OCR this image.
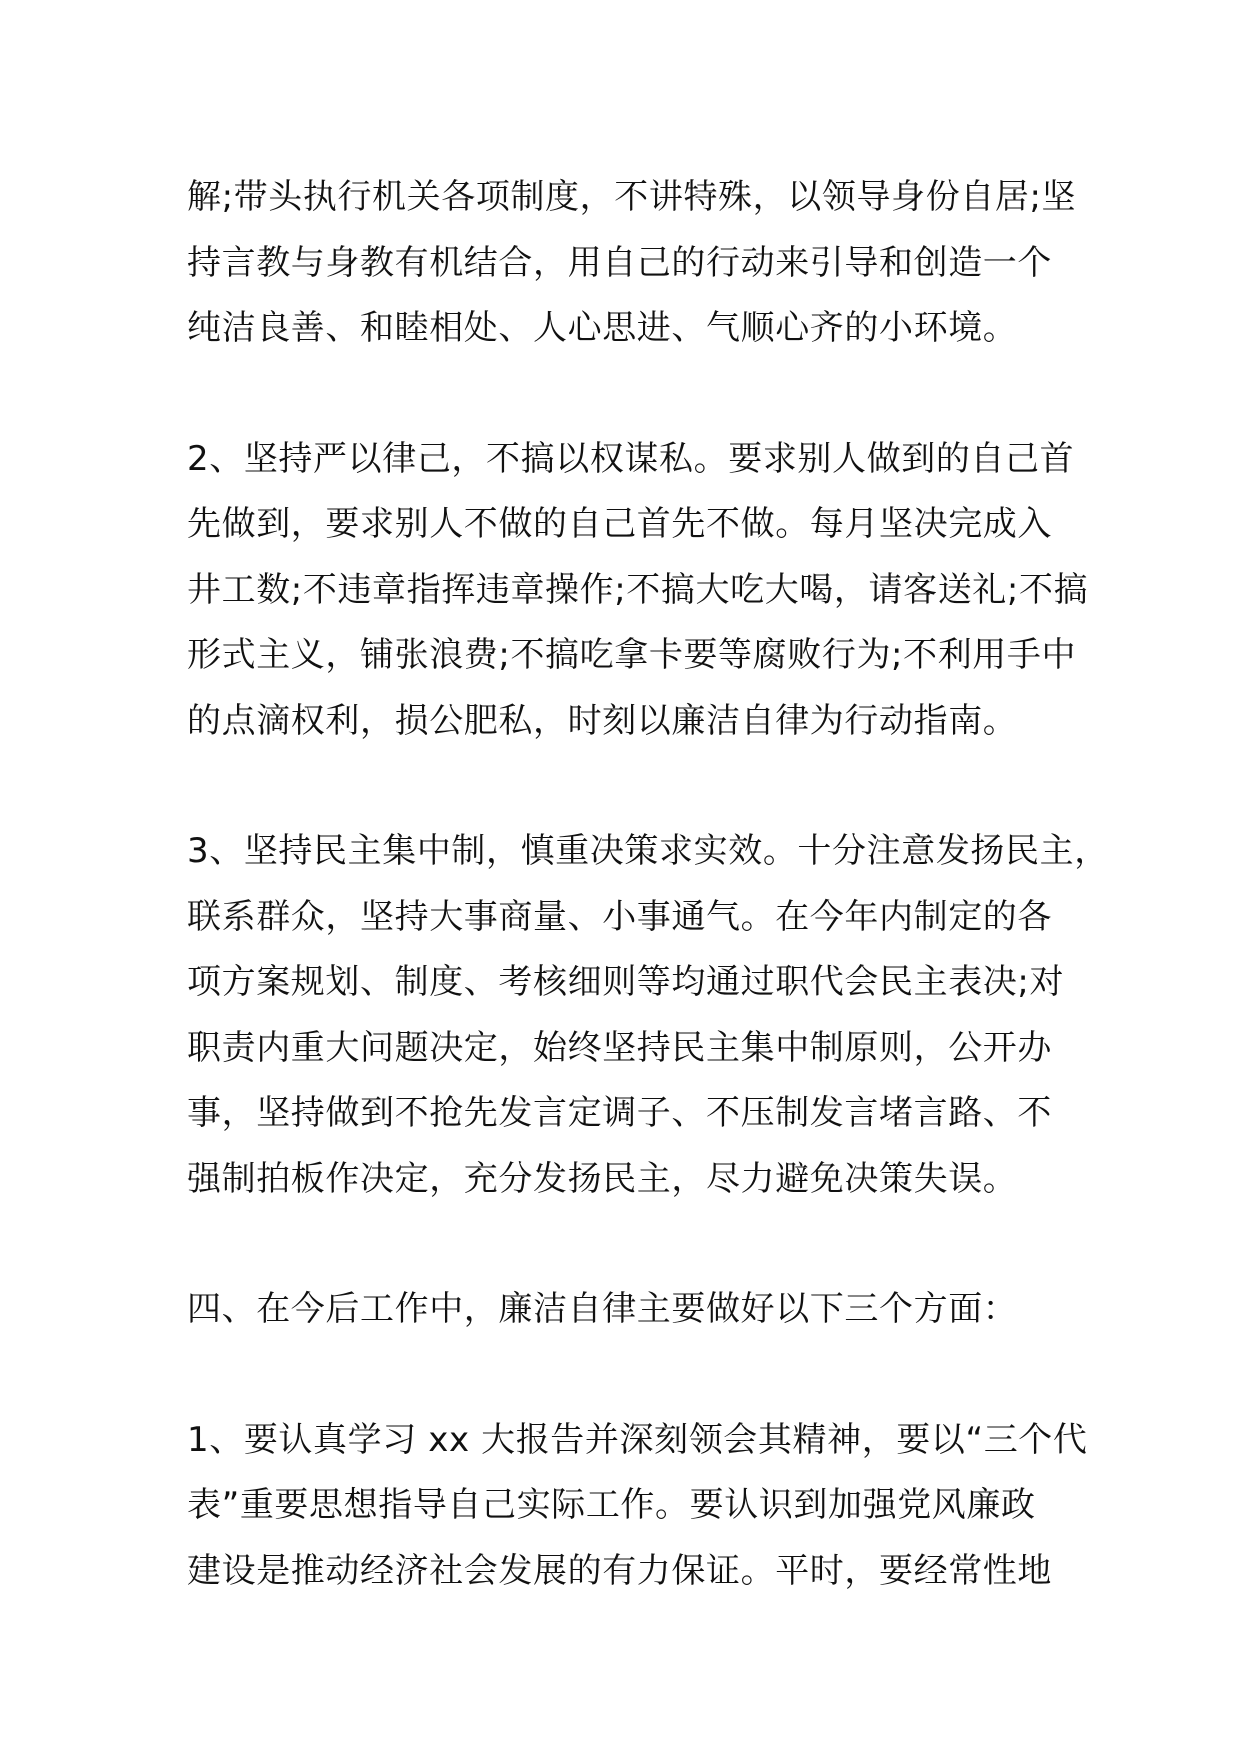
解;带头执行机关各项制度，不讲特殊，以领导身份自居;坚
持言教与身教有机结合，用自己的行动来引导和创造一个
纯洁良善、和睦相处、人心思进、气顺心齐的小环境。

2、坚持严以律己，不搞以权谋私。要求别人做到的自己首
先做到，要求别人不做的自己首先不做。每月坚决完成入
井工数;不违章指挥违章操作;不搞大吃大喝，请客送礼;不搞
形式主义，铺张浪费;不搞吃拿卡要等腐败行为;不利用手中
的点滴权利，损公肥私，时刻以廉洁自律为行动指南。

3、坚持民主集中制，慎重决策求实效。十分注意发扬民主，
联系群众，坚持大事商量、小事通气。在今年内制定的各
项方案规划、制度、考核细则等均通过职代会民主表决;对
职责内重大问题决定，始终坚持民主集中制原则，公开办
事，坚持做到不抢先发言定调子、不压制发言堵言路、不
强制拍板作决定，充分发扬民主，尽力避免决策失误。

四、在今后工作中，廉洁自律主要做好以下三个方面：

1、要认真学习 xx 大报告并深刻领会其精神，要以“三个代
表”重要思想指导自己实际工作。要认识到加强党风廉政
建设是推动经济社会发展的有力保证。平时，要经常性地
